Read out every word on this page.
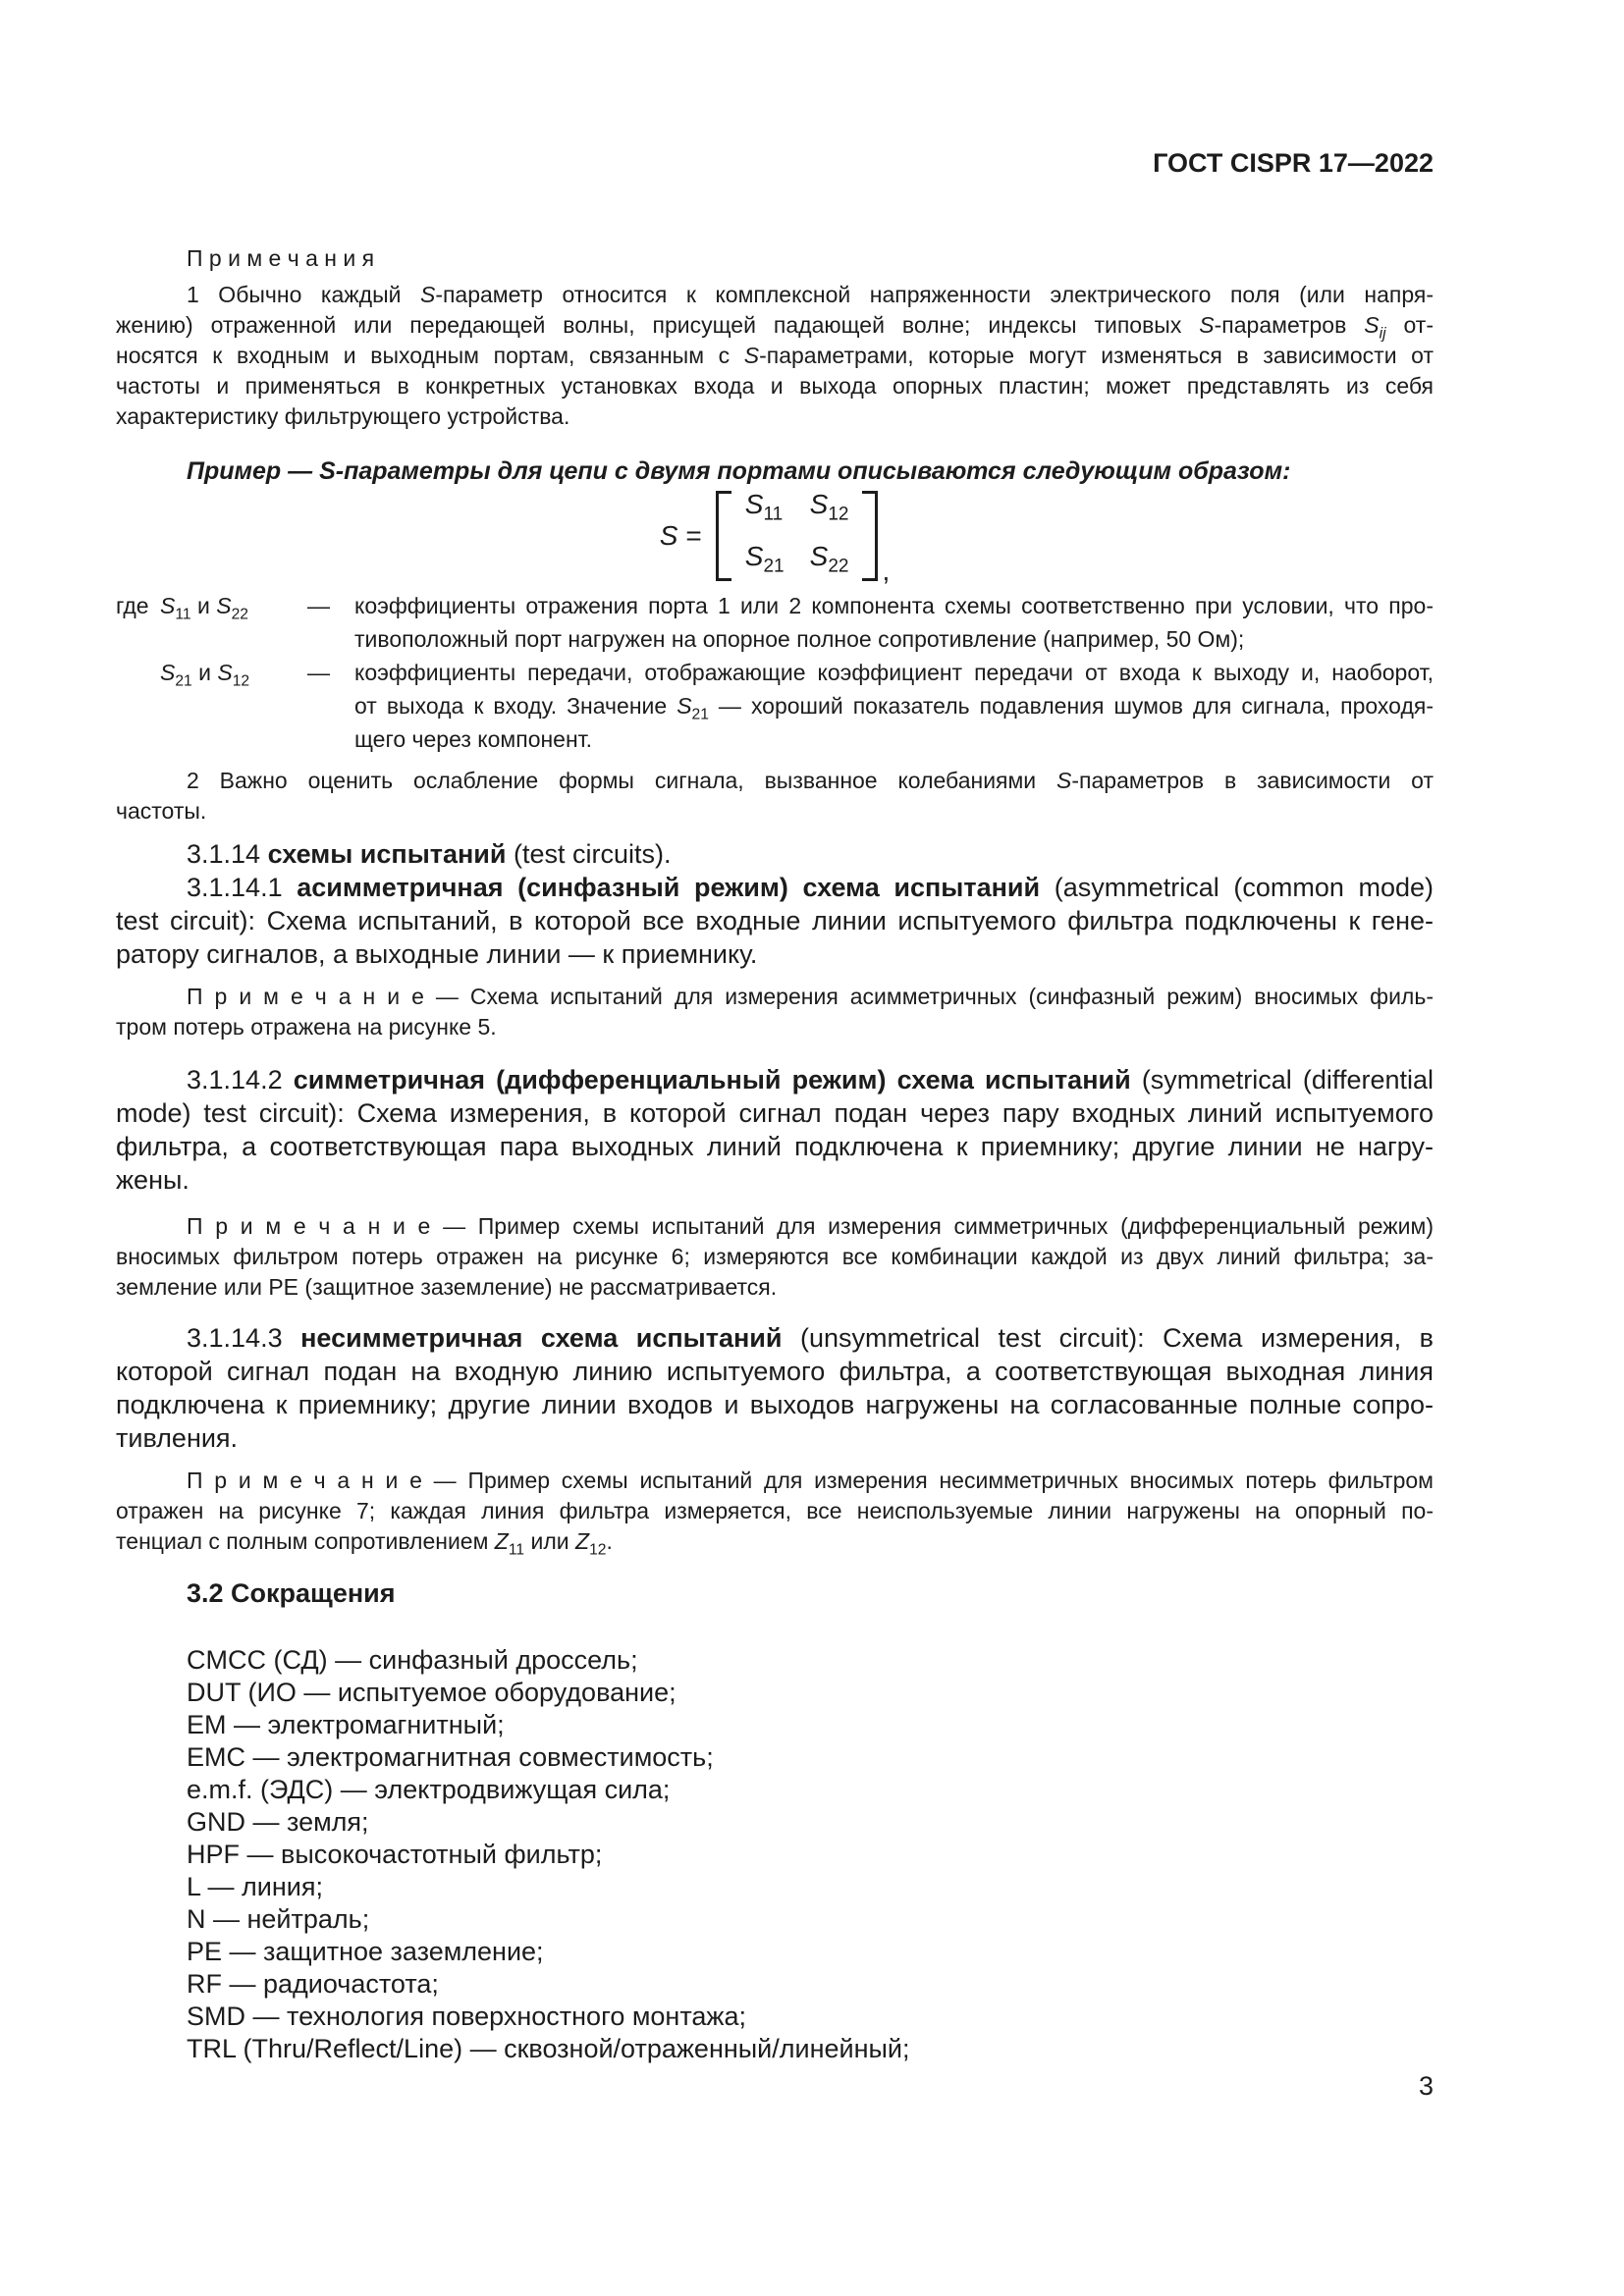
ГОСТ CISPR 17—2022
П р и м е ч а н и я
1 Обычно каждый S-параметр относится к комплексной напряженности электрического поля (или напря-
жению) отраженной или передающей волны, присущей падающей волне; индексы типовых S-параметров $S_{ij}$ от-
носятся к входным и выходным портам, связанным с S-параметрами, которые могут изменяться в зависимости от
частоты и применяться в конкретных установках входа и выхода опорных пластин; может представлять из себя
характеристику фильтрующего устройства.
Пример — S-параметры для цепи с двумя портами описываются следующим образом:
S =
$S_{11}$ $S_{12}$
$S_{21}$ $S_{22}$ ,
где $S_{11}$ и $S_{22}$	—	коэффициенты отражения порта 1 или 2 компонента схемы соответственно при условии, что про-
тивоположный порт нагружен на опорное полное сопротивление (например, 50 Ом);
$S_{21}$ и $S_{12}$	—	коэффициенты передачи, отображающие коэффициент передачи от входа к выходу и, наоборот,
от выхода к входу. Значение $S_{21}$ — хороший показатель подавления шумов для сигнала, проходя-
щего через компонент.
2 Важно оценить ослабление формы сигнала, вызванное колебаниями S-параметров в зависимости от
частоты.
3.1.14 схемы испытаний (test circuits).
3.1.14.1 асимметричная (синфазный режим) схема испытаний (asymmetrical (common mode)
test circuit): Схема испытаний, в которой все входные линии испытуемого фильтра подключены к гене-
ратору сигналов, а выходные линии — к приемнику.
П р и м е ч а н и е — Схема испытаний для измерения асимметричных (синфазный режим) вносимых филь-
тром потерь отражена на рисунке 5.
3.1.14.2 симметричная (дифференциальный режим) схема испытаний (symmetrical (differential
mode) test circuit): Схема измерения, в которой сигнал подан через пару входных линий испытуемого
фильтра, а соответствующая пара выходных линий подключена к приемнику; другие линии не нагру-
жены.
П р и м е ч а н и е — Пример схемы испытаний для измерения симметричных (дифференциальный режим)
вносимых фильтром потерь отражен на рисунке 6; измеряются все комбинации каждой из двух линий фильтра; за-
земление или PE (защитное заземление) не рассматривается.
3.1.14.3 несимметричная схема испытаний (unsymmetrical test circuit): Схема измерения, в
которой сигнал подан на входную линию испытуемого фильтра, а соответствующая выходная линия
подключена к приемнику; другие линии входов и выходов нагружены на согласованные полные сопро-
тивления.
П р и м е ч а н и е — Пример схемы испытаний для измерения несимметричных вносимых потерь фильтром
отражен на рисунке 7; каждая линия фильтра измеряется, все неиспользуемые линии нагружены на опорный по-
тенциал с полным сопротивлением $Z_{11}$ или $Z_{12}$.
3.2 Сокращения
CMCC (СД) — синфазный дроссель;
DUT (ИО — испытуемое оборудование;
EM — электромагнитный;
EMC — электромагнитная совместимость;
e.m.f. (ЭДС) — электродвижущая сила;
GND — земля;
HPF — высокочастотный фильтр;
L — линия;
N — нейтраль;
PE — защитное заземление;
RF — радиочастота;
SMD — технология поверхностного монтажа;
TRL (Thru/Reflect/Line) — сквозной/отраженный/линейный;
3
